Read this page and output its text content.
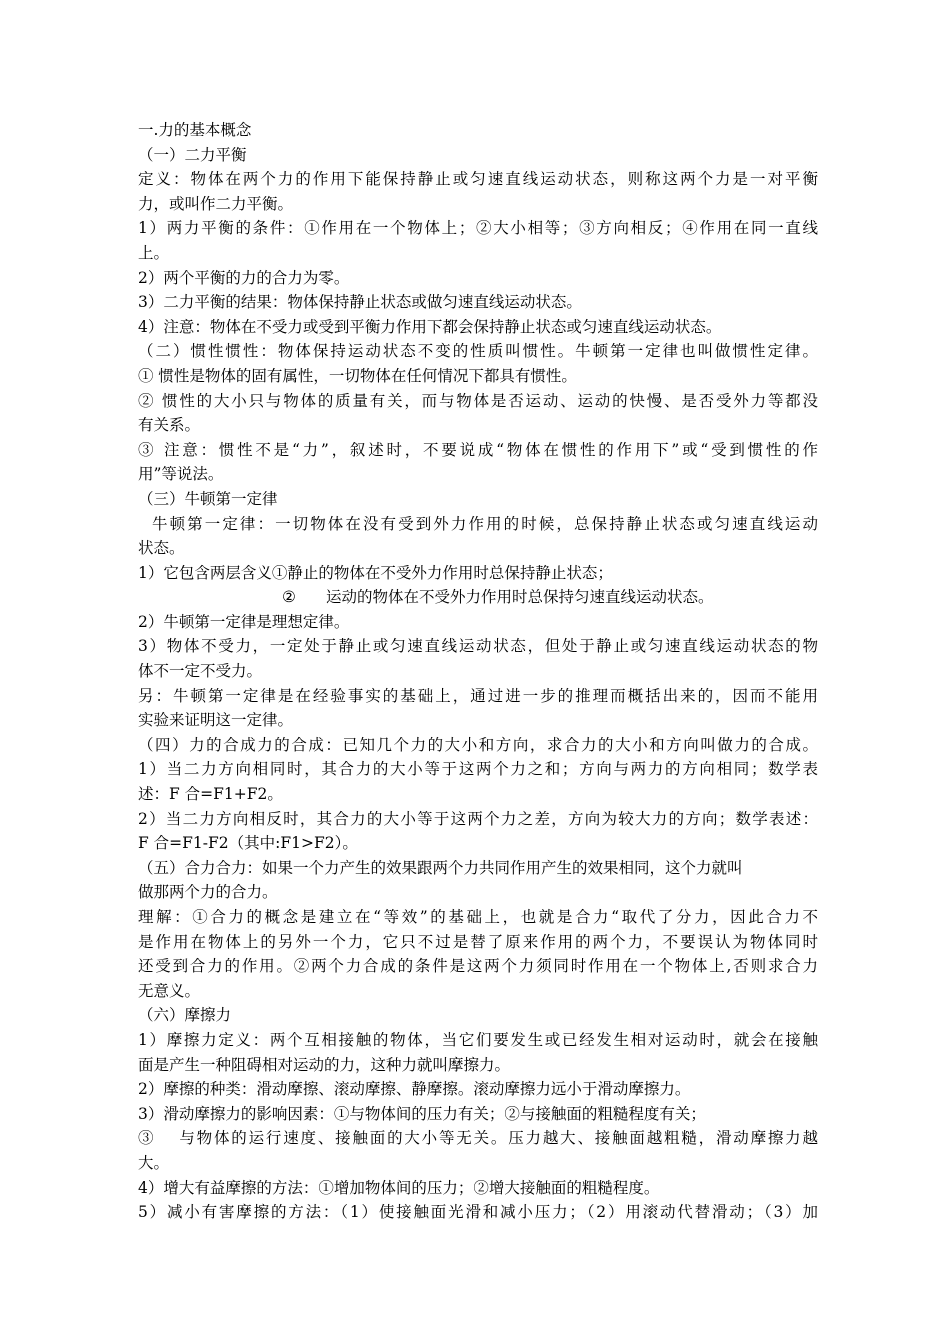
一.力的基本概念
（一）二力平衡
定义：物体在两个力的作用下能保持静止或匀速直线运动状态，则称这两个力是一对平衡
力，或叫作二力平衡。
1）两力平衡的条件：①作用在一个物体上；②大小相等；③方向相反；④作用在同一直线
上。
2）两个平衡的力的合力为零。
3）二力平衡的结果：物体保持静止状态或做匀速直线运动状态。
4）注意：物体在不受力或受到平衡力作用下都会保持静止状态或匀速直线运动状态。
（二）惯性惯性：物体保持运动状态不变的性质叫惯性。牛顿第一定律也叫做惯性定律。
① 惯性是物体的固有属性，一切物体在任何情况下都具有惯性。
② 惯性的大小只与物体的质量有关，而与物体是否运动、运动的快慢、是否受外力等都没
有关系。
③ 注意：惯性不是“力”，叙述时，不要说成“物体在惯性的作用下”或“受到惯性的作
用”等说法。
（三）牛顿第一定律
牛顿第一定律：一切物体在没有受到外力作用的时候，总保持静止状态或匀速直线运动
状态。
1）它包含两层含义①静止的物体在不受外力作用时总保持静止状态；
② 运动的物体在不受外力作用时总保持匀速直线运动状态。
2）牛顿第一定律是理想定律。
3）物体不受力，一定处于静止或匀速直线运动状态，但处于静止或匀速直线运动状态的物
体不一定不受力。
另：牛顿第一定律是在经验事实的基础上，通过进一步的推理而概括出来的，因而不能用
实验来证明这一定律。
（四）力的合成力的合成：已知几个力的大小和方向，求合力的大小和方向叫做力的合成。
1）当二力方向相同时，其合力的大小等于这两个力之和；方向与两力的方向相同；数学表
述：F 合=F1+F2。
2）当二力方向相反时，其合力的大小等于这两个力之差，方向为较大力的方向；数学表述：
F 合=F1-F2（其中:F1>F2）。
（五）合力合力：如果一个力产生的效果跟两个力共同作用产生的效果相同，这个力就叫
做那两个力的合力。
理解：①合力的概念是建立在“等效”的基础上，也就是合力“取代了分力，因此合力不
是作用在物体上的另外一个力，它只不过是替了原来作用的两个力，不要误认为物体同时
还受到合力的作用。②两个力合成的条件是这两个力须同时作用在一个物体上,否则求合力
无意义。
（六）摩擦力
1）摩擦力定义：两个互相接触的物体，当它们要发生或已经发生相对运动时，就会在接触
面是产生一种阻碍相对运动的力，这种力就叫摩擦力。
2）摩擦的种类：滑动摩擦、滚动摩擦、静摩擦。滚动摩擦力远小于滑动摩擦力。
3）滑动摩擦力的影响因素：①与物体间的压力有关；②与接触面的粗糙程度有关；
③　 与物体的运行速度、接触面的大小等无关。压力越大、接触面越粗糙，滑动摩擦力越
大。
4）增大有益摩擦的方法：①增加物体间的压力；②增大接触面的粗糙程度。
5）减小有害摩擦的方法：（1）使接触面光滑和减小压力；（2）用滚动代替滑动；（3）加
